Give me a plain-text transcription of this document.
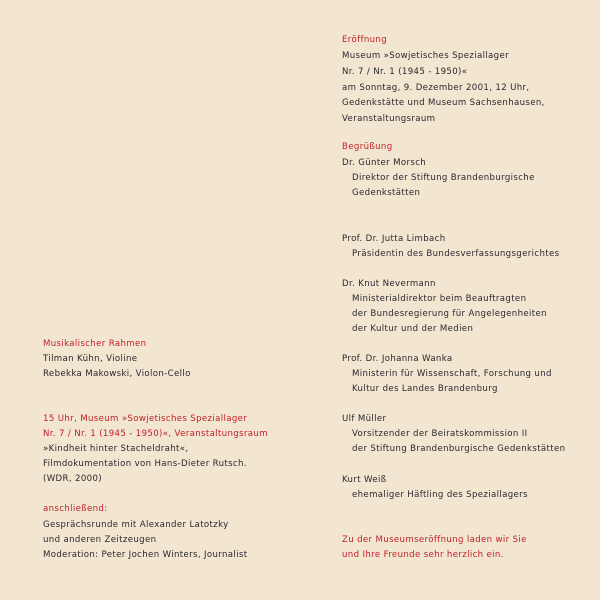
Eröffnung
Museum »Sowjetisches Speziallager
Nr. 7 / Nr. 1 (1945 - 1950)«
am Sonntag, 9. Dezember 2001, 12 Uhr,
Gedenkstätte und Museum Sachsenhausen,
Veranstaltungsraum
Begrüßung
Dr. Günter Morsch
Direktor der Stiftung Brandenburgische
Gedenkstätten
Prof. Dr. Jutta Limbach
Präsidentin des Bundesverfassungsgerichtes
Dr. Knut Nevermann
Ministerialdirektor beim Beauftragten
der Bundesregierung für Angelegenheiten
der Kultur und der Medien
Prof. Dr. Johanna Wanka
Ministerin für Wissenschaft, Forschung und
Kultur des Landes Brandenburg
Ulf Müller
Vorsitzender der Beiratskommission II
der Stiftung Brandenburgische Gedenkstätten
Kurt Weiß
ehemaliger Häftling des Speziallagers
Zu der Museumseröffnung laden wir Sie
und Ihre Freunde sehr herzlich ein.
Musikalischer Rahmen
Tilman Kühn, Violine
Rebekka Makowski, Violon-Cello
15 Uhr, Museum »Sowjetisches Speziallager
Nr. 7 / Nr. 1 (1945 - 1950)«, Veranstaltungsraum
»Kindheit hinter Stacheldraht«,
Filmdokumentation von Hans-Dieter Rutsch.
(WDR, 2000)
anschließend:
Gesprächsrunde mit Alexander Latotzky
und anderen Zeitzeugen
Moderation: Peter Jochen Winters, Journalist
